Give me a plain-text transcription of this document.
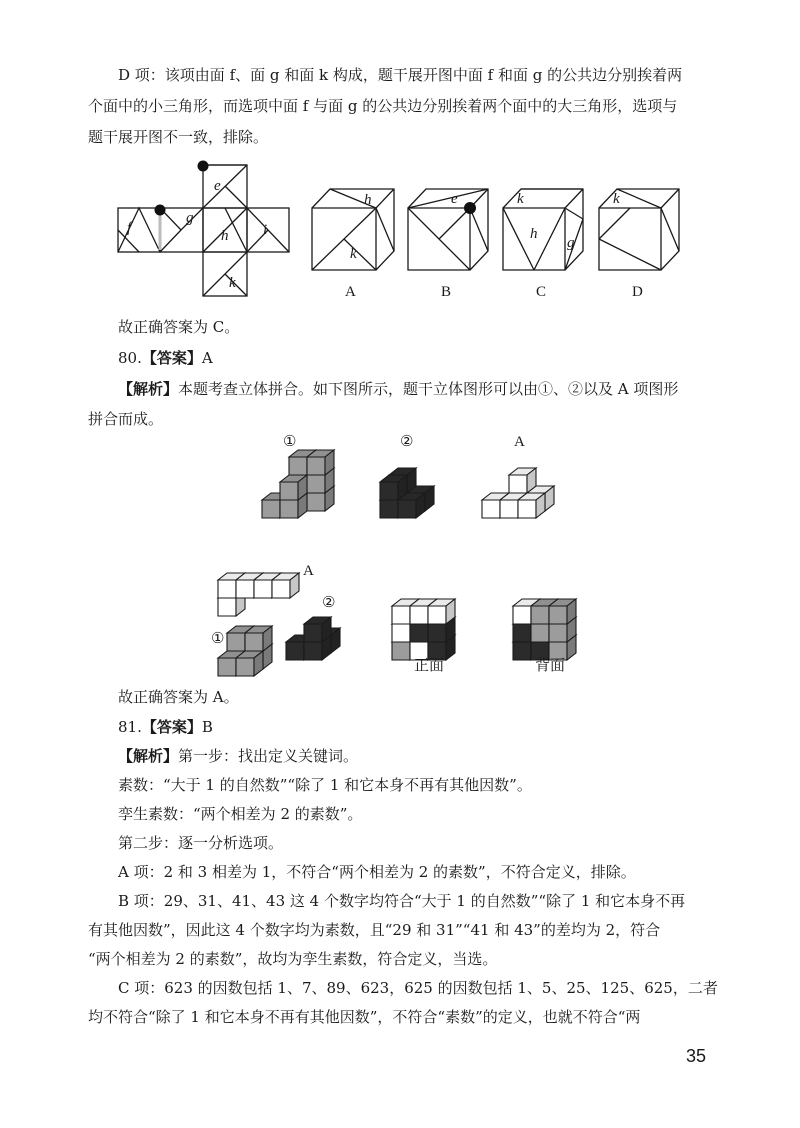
D 项：该项由面 f、面 g 和面 k 构成，题干展开图中面 f 和面 g 的公共边分别挨着两
个面中的小三角形，而选项中面 f 与面 g 的公共边分别挨着两个面中的大三角形，选项与
题干展开图不一致，排除。
f
g
e
h i
k
h
k
A
e
B
k
h
g
C
k
D
故正确答案为 C。
80.【答案】A
【解析】本题考查立体拼合。如下图所示，题干立体图形可以由①、②以及 A 项图形
拼合而成。
①	②	A
A
①
②
正面	背面
故正确答案为 A。
81.【答案】B
【解析】第一步：找出定义关键词。
素数：“大于 1 的自然数”“除了 1 和它本身不再有其他因数”。
孪生素数：“两个相差为 2 的素数”。
第二步：逐一分析选项。
A 项：2 和 3 相差为 1，不符合“两个相差为 2 的素数”，不符合定义，排除。
B 项：29、31、41、43 这 4 个数字均符合“大于 1 的自然数”“除了 1 和它本身不再
有其他因数”，因此这 4 个数字均为素数，且“29 和 31”“41 和 43”的差均为 2，符合
“两个相差为 2 的素数”，故均为孪生素数，符合定义，当选。
C 项：623 的因数包括 1、7、89、623，625 的因数包括 1、5、25、125、625，二者
均不符合“除了 1 和它本身不再有其他因数”，不符合“素数”的定义，也就不符合“两
35
